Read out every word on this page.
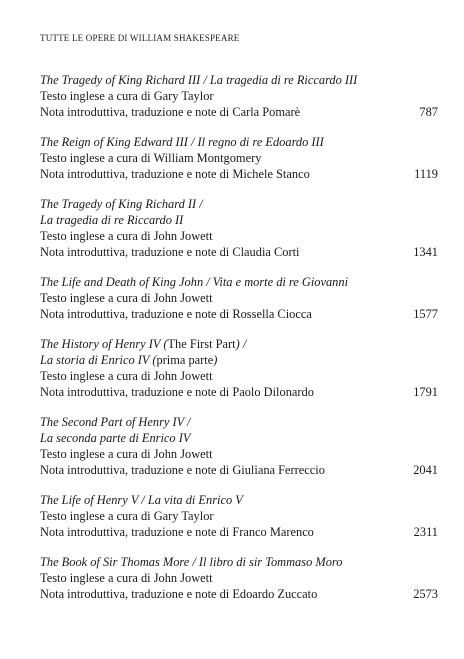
TUTTE LE OPERE DI WILLIAM SHAKESPEARE
The Tragedy of King Richard III / La tragedia di re Riccardo III
Testo inglese a cura di Gary Taylor
Nota introduttiva, traduzione e note di Carla Pomarè	787
The Reign of King Edward III / Il regno di re Edoardo III
Testo inglese a cura di William Montgomery
Nota introduttiva, traduzione e note di Michele Stanco	1119
The Tragedy of King Richard II /
La tragedia di re Riccardo II
Testo inglese a cura di John Jowett
Nota introduttiva, traduzione e note di Claudia Corti	1341
The Life and Death of King John / Vita e morte di re Giovanni
Testo inglese a cura di John Jowett
Nota introduttiva, traduzione e note di Rossella Ciocca	1577
The History of Henry IV (The First Part) /
La storia di Enrico IV (prima parte)
Testo inglese a cura di John Jowett
Nota introduttiva, traduzione e note di Paolo Dilonardo	1791
The Second Part of Henry IV /
La seconda parte di Enrico IV
Testo inglese a cura di John Jowett
Nota introduttiva, traduzione e note di Giuliana Ferreccio	2041
The Life of Henry V / La vita di Enrico V
Testo inglese a cura di Gary Taylor
Nota introduttiva, traduzione e note di Franco Marenco	2311
The Book of Sir Thomas More / Il libro di sir Tommaso Moro
Testo inglese a cura di John Jowett
Nota introduttiva, traduzione e note di Edoardo Zuccato	2573
